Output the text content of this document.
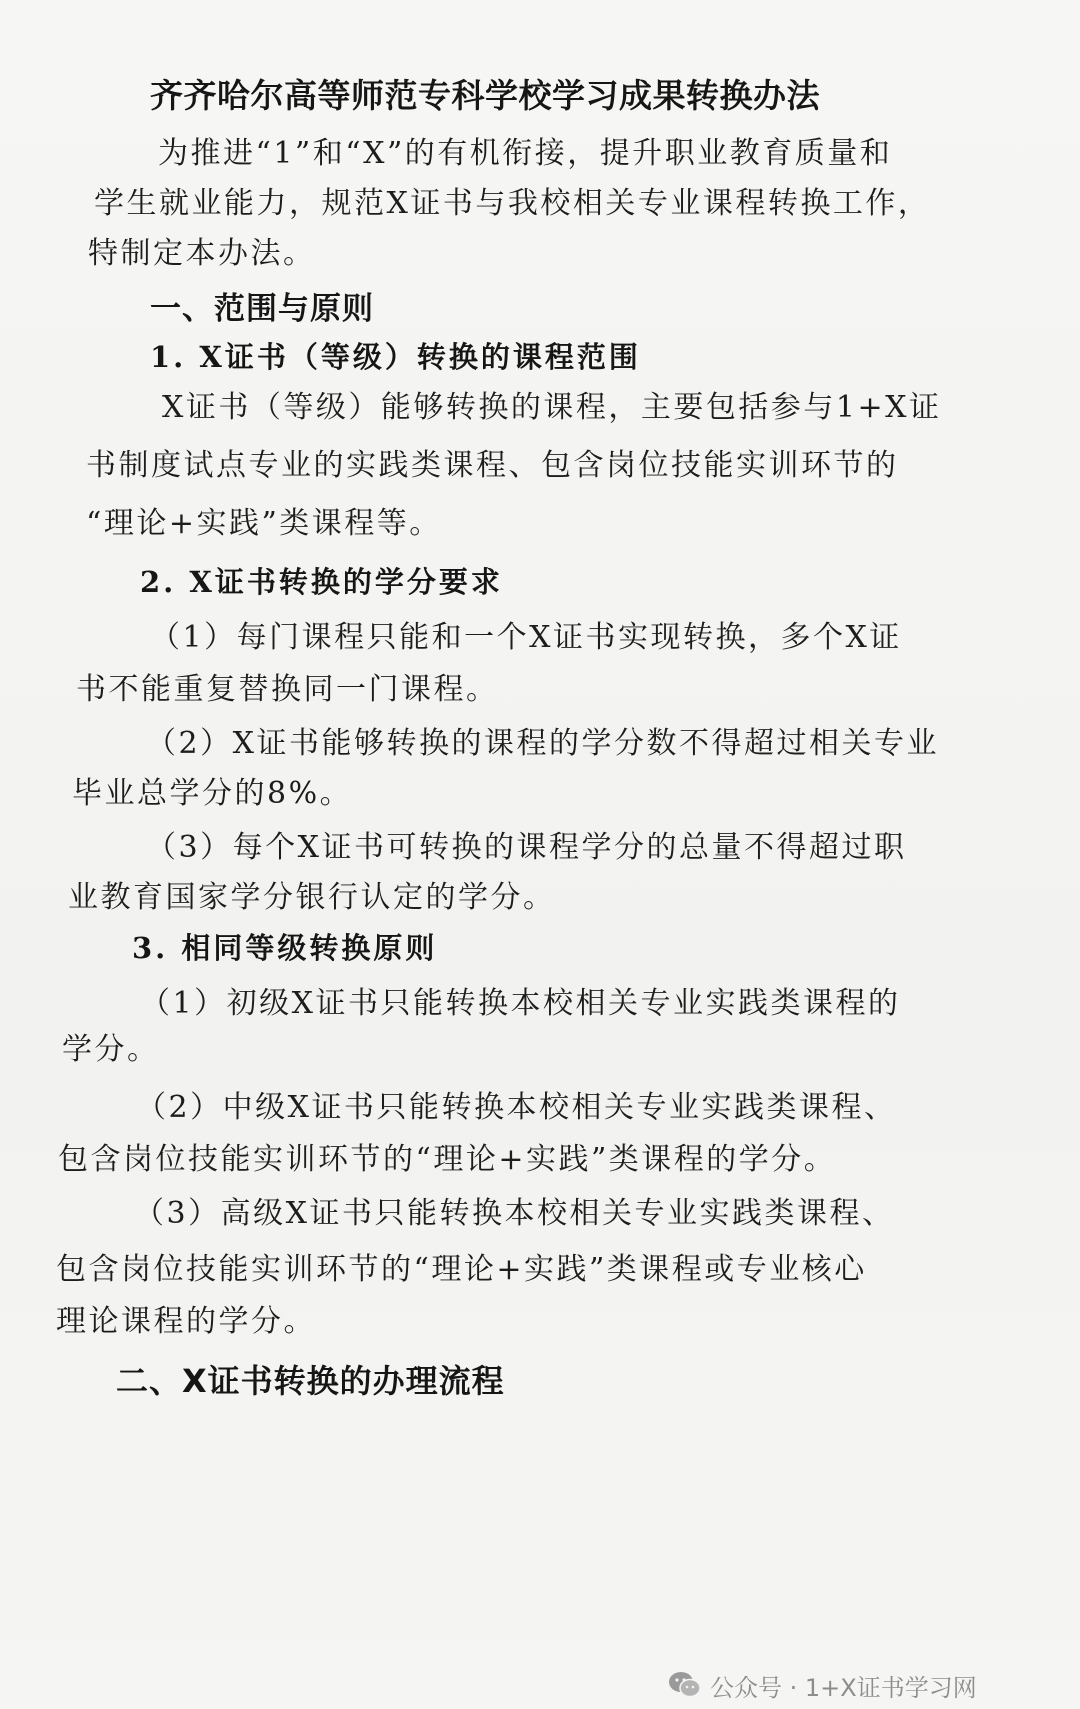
齐齐哈尔高等师范专科学校学习成果转换办法
为推进“1”和“X”的有机衔接，提升职业教育质量和
学生就业能力，规范X证书与我校相关专业课程转换工作，
特制定本办法。
一、范围与原则
1. X证书（等级）转换的课程范围
X证书（等级）能够转换的课程，主要包括参与1+X证
书制度试点专业的实践类课程、包含岗位技能实训环节的
“理论+实践”类课程等。
2. X证书转换的学分要求
（1）每门课程只能和一个X证书实现转换，多个X证
书不能重复替换同一门课程。
（2）X证书能够转换的课程的学分数不得超过相关专业
毕业总学分的8%。
（3）每个X证书可转换的课程学分的总量不得超过职
业教育国家学分银行认定的学分。
3. 相同等级转换原则
（1）初级X证书只能转换本校相关专业实践类课程的
学分。
（2）中级X证书只能转换本校相关专业实践类课程、
包含岗位技能实训环节的“理论+实践”类课程的学分。
（3）高级X证书只能转换本校相关专业实践类课程、
包含岗位技能实训环节的“理论+实践”类课程或专业核心
理论课程的学分。
二、X证书转换的办理流程
公众号 · 1+X证书学习网
